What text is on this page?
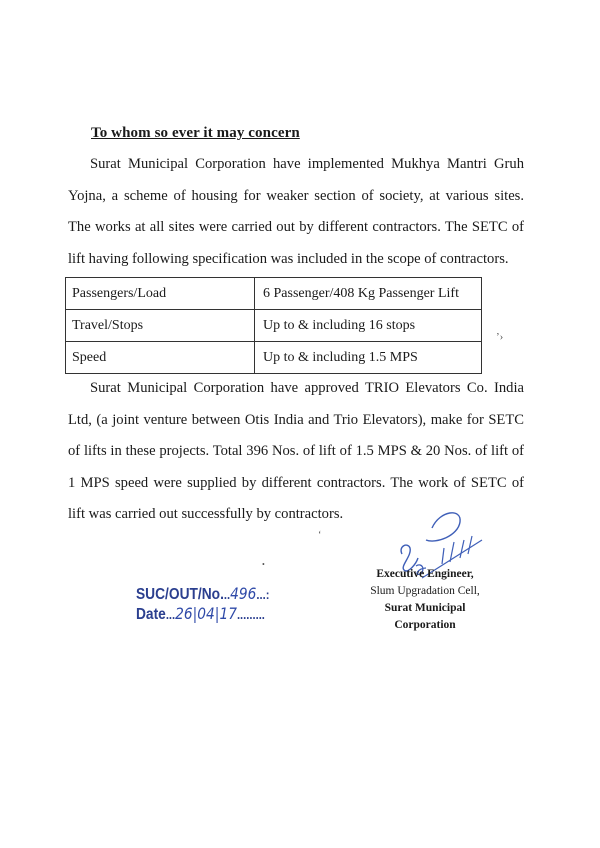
To whom so ever it may concern
Surat Municipal Corporation have implemented Mukhya Mantri Gruh Yojna, a scheme of housing for weaker section of society, at various sites. The works at all sites were carried out by different contractors. The SETC of lift having following specification was included in the scope of contractors.
Passengers/Load	6 Passenger/408 Kg Passenger Lift
Travel/Stops	Up to & including 16 stops
Speed	Up to & including 1.5 MPS
Surat Municipal Corporation have approved TRIO Elevators Co. India Ltd, (a joint venture between Otis India and Trio Elevators), make for SETC of lifts in these projects. Total 396 Nos. of lift of 1.5 MPS & 20 Nos. of lift of 1 MPS speed were supplied by different contractors. The work of SETC of lift was carried out successfully by contractors.
’›
‘
•
SUC/OUT/No...496...:
Date...26|04|17.........
Executive Engineer,
Slum Upgradation Cell,
Surat Municipal Corporation
